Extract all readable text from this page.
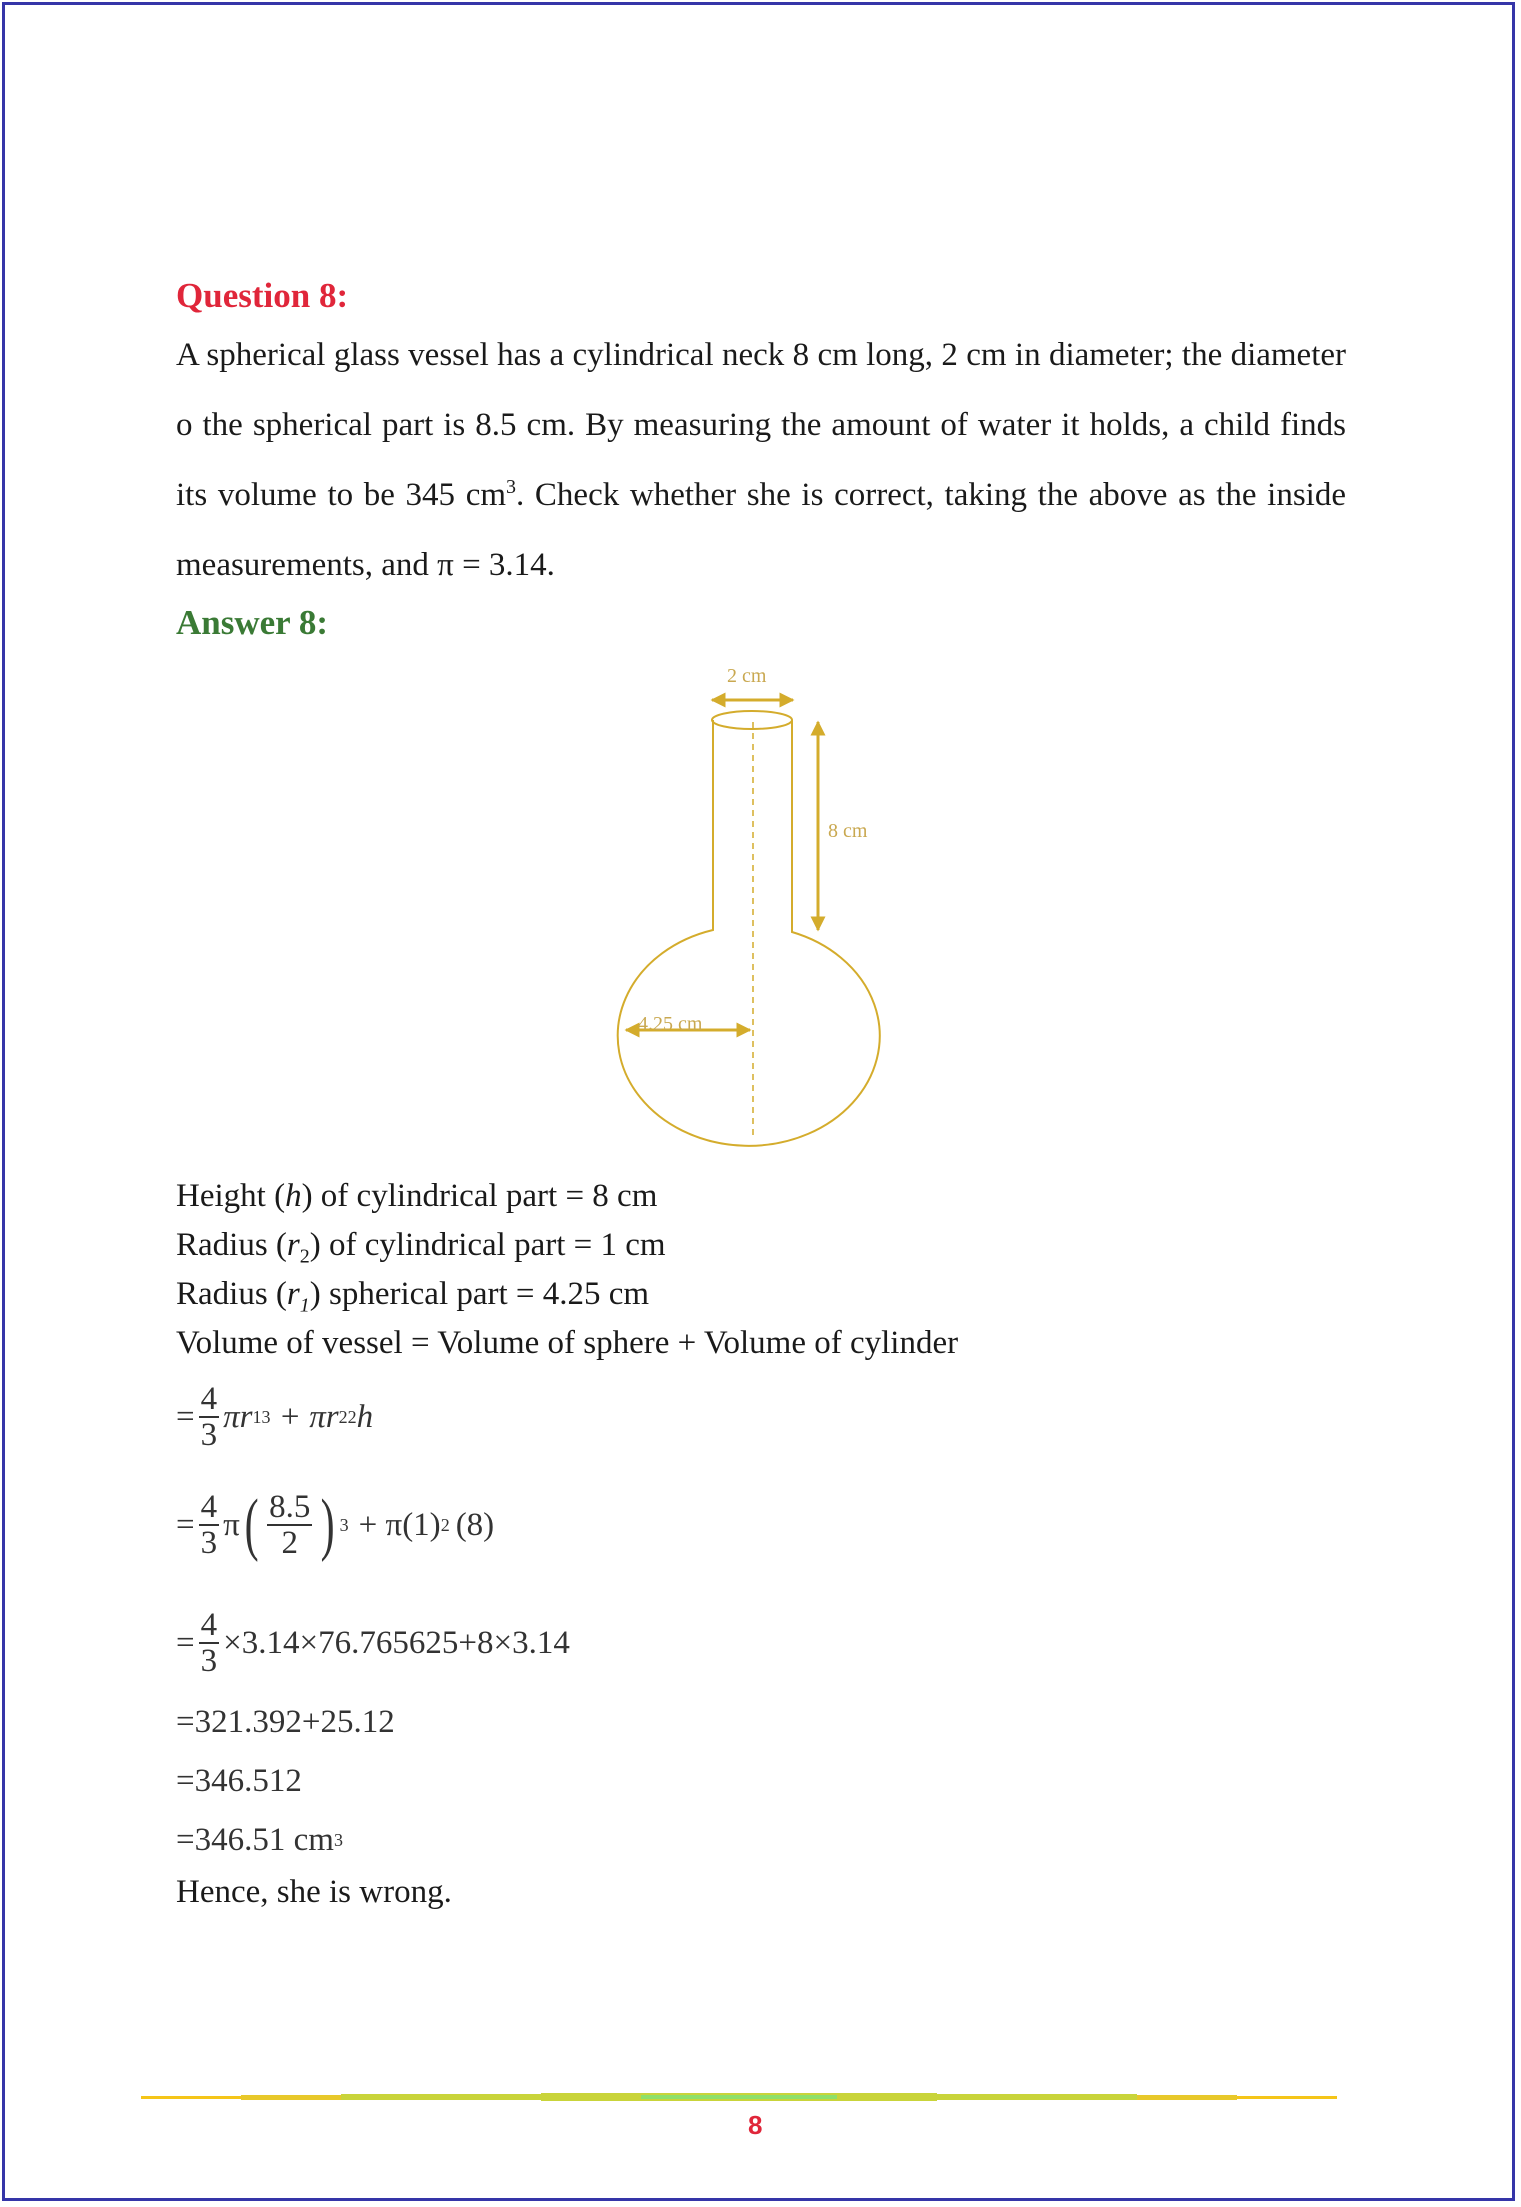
Question 8:
A spherical glass vessel has a cylindrical neck 8 cm long, 2 cm in diameter; the diameter o the spherical part is 8.5 cm. By measuring the amount of water it holds, a child finds its volume to be 345 $cm^3$. Check whether she is correct, taking the above as the inside measurements, and π = 3.14.
Answer 8:
2 cm
8 cm
4.25 cm
Height (h) of cylindrical part = 8 cm
Radius $(r_2)$ of cylindrical part = 1 cm
Radius $(r_1)$ spherical part = 4.25 cm
Volume of vessel = Volume of sphere + Volume of cylinder
= $\frac{4}{3}$ πr 1 3 + πr 2 2 h
= $\frac{4}{3}$ π ( $\frac{8.5}{2}$ ) 3 + π(1) 2 (8)
= $\frac{4}{3} \times 3.14\times 76.765625+8\times 3.14$
=321.392+25.12
=346.512
=346.51 cm 3
Hence, she is wrong.
8
